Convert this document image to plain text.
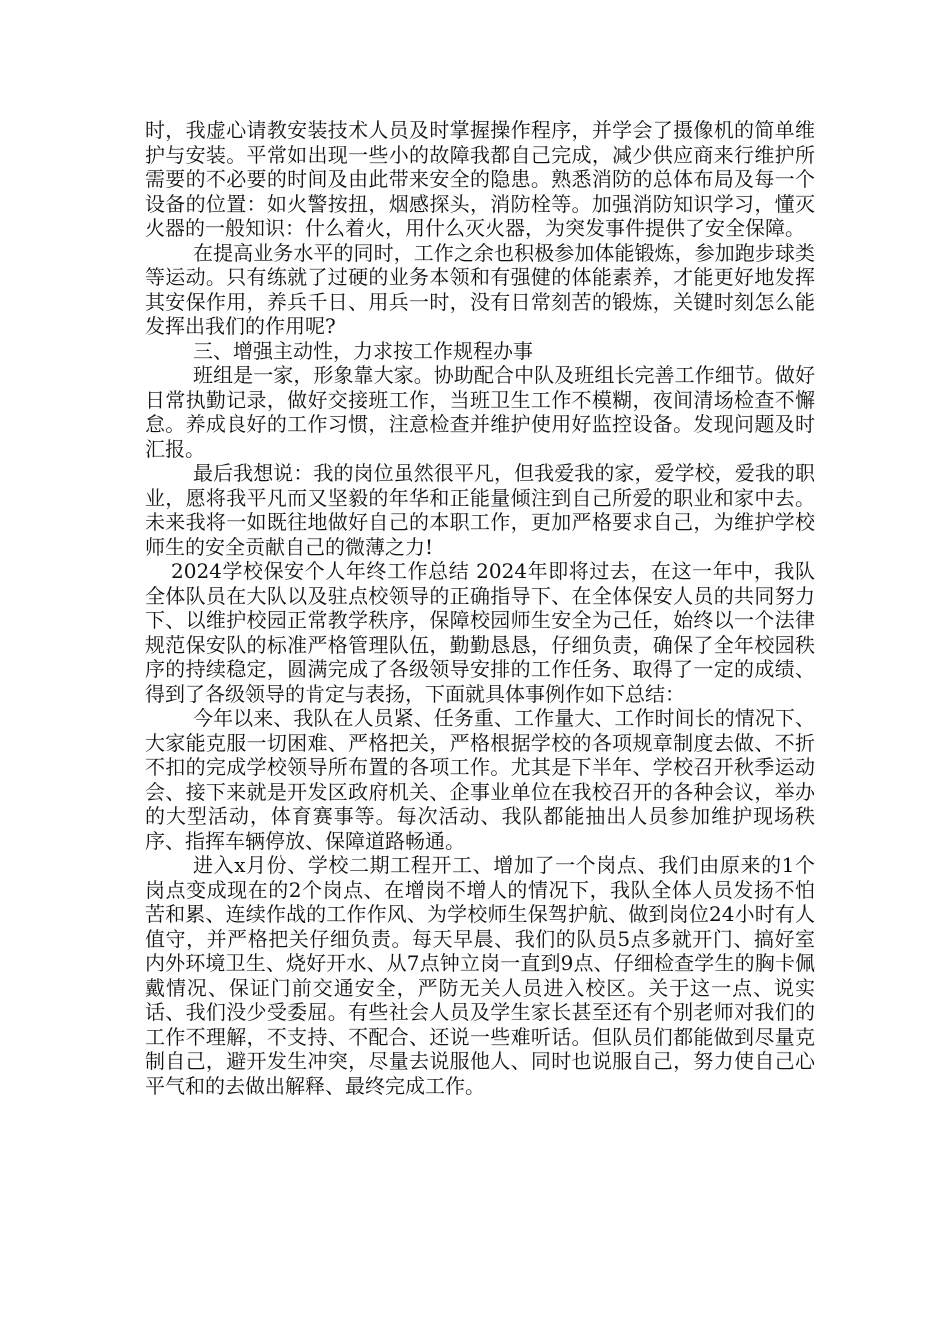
时，我虚心请教安装技术人员及时掌握操作程序，并学会了摄像机的简单维护与安装。平常如出现一些小的故障我都自己完成，减少供应商来行维护所需要的不必要的时间及由此带来安全的隐患。熟悉消防的总体布局及每一个设备的位置：如火警按扭，烟感探头，消防栓等。加强消防知识学习，懂灭火器的一般知识：什么着火，用什么灭火器，为突发事件提供了安全保障。

在提高业务水平的同时，工作之余也积极参加体能锻炼，参加跑步球类等运动。只有练就了过硬的业务本领和有强健的体能素养，才能更好地发挥其安保作用，养兵千日、用兵一时，没有日常刻苦的锻炼，关键时刻怎么能发挥出我们的作用呢?

三、增强主动性，力求按工作规程办事

班组是一家，形象靠大家。协助配合中队及班组长完善工作细节。做好日常执勤记录，做好交接班工作，当班卫生工作不模糊，夜间清场检查不懈怠。养成良好的工作习惯，注意检查并维护使用好监控设备。发现问题及时汇报。

最后我想说：我的岗位虽然很平凡，但我爱我的家，爱学校，爱我的职业，愿将我平凡而又坚毅的年华和正能量倾注到自己所爱的职业和家中去。未来我将一如既往地做好自己的本职工作，更加严格要求自己，为维护学校师生的安全贡献自己的微薄之力!

2024学校保安个人年终工作总结 2024年即将过去，在这一年中，我队全体队员在大队以及驻点校领导的正确指导下、在全体保安人员的共同努力下、以维护校园正常教学秩序，保障校园师生安全为己任，始终以一个法律规范保安队的标准严格管理队伍，勤勤恳恳，仔细负责，确保了全年校园秩序的持续稳定，圆满完成了各级领导安排的工作任务、取得了一定的成绩、得到了各级领导的肯定与表扬，下面就具体事例作如下总结：

今年以来、我队在人员紧、任务重、工作量大、工作时间长的情况下、大家能克服一切困难、严格把关，严格根据学校的各项规章制度去做、不折不扣的完成学校领导所布置的各项工作。尤其是下半年、学校召开秋季运动会、接下来就是开发区政府机关、企事业单位在我校召开的各种会议，举办的大型活动，体育赛事等。每次活动、我队都能抽出人员参加维护现场秩序、指挥车辆停放、保障道路畅通。

进入x月份、学校二期工程开工、增加了一个岗点、我们由原来的1个岗点变成现在的2个岗点、在增岗不增人的情况下，我队全体人员发扬不怕苦和累、连续作战的工作作风、为学校师生保驾护航、做到岗位24小时有人值守，并严格把关仔细负责。每天早晨、我们的队员5点多就开门、搞好室内外环境卫生、烧好开水、从7点钟立岗一直到9点、仔细检查学生的胸卡佩戴情况、保证门前交通安全，严防无关人员进入校区。关于这一点、说实话、我们没少受委屈。有些社会人员及学生家长甚至还有个别老师对我们的工作不理解，不支持、不配合、还说一些难听话。但队员们都能做到尽量克制自己，避开发生冲突，尽量去说服他人、同时也说服自己，努力使自己心平气和的去做出解释、最终完成工作。
